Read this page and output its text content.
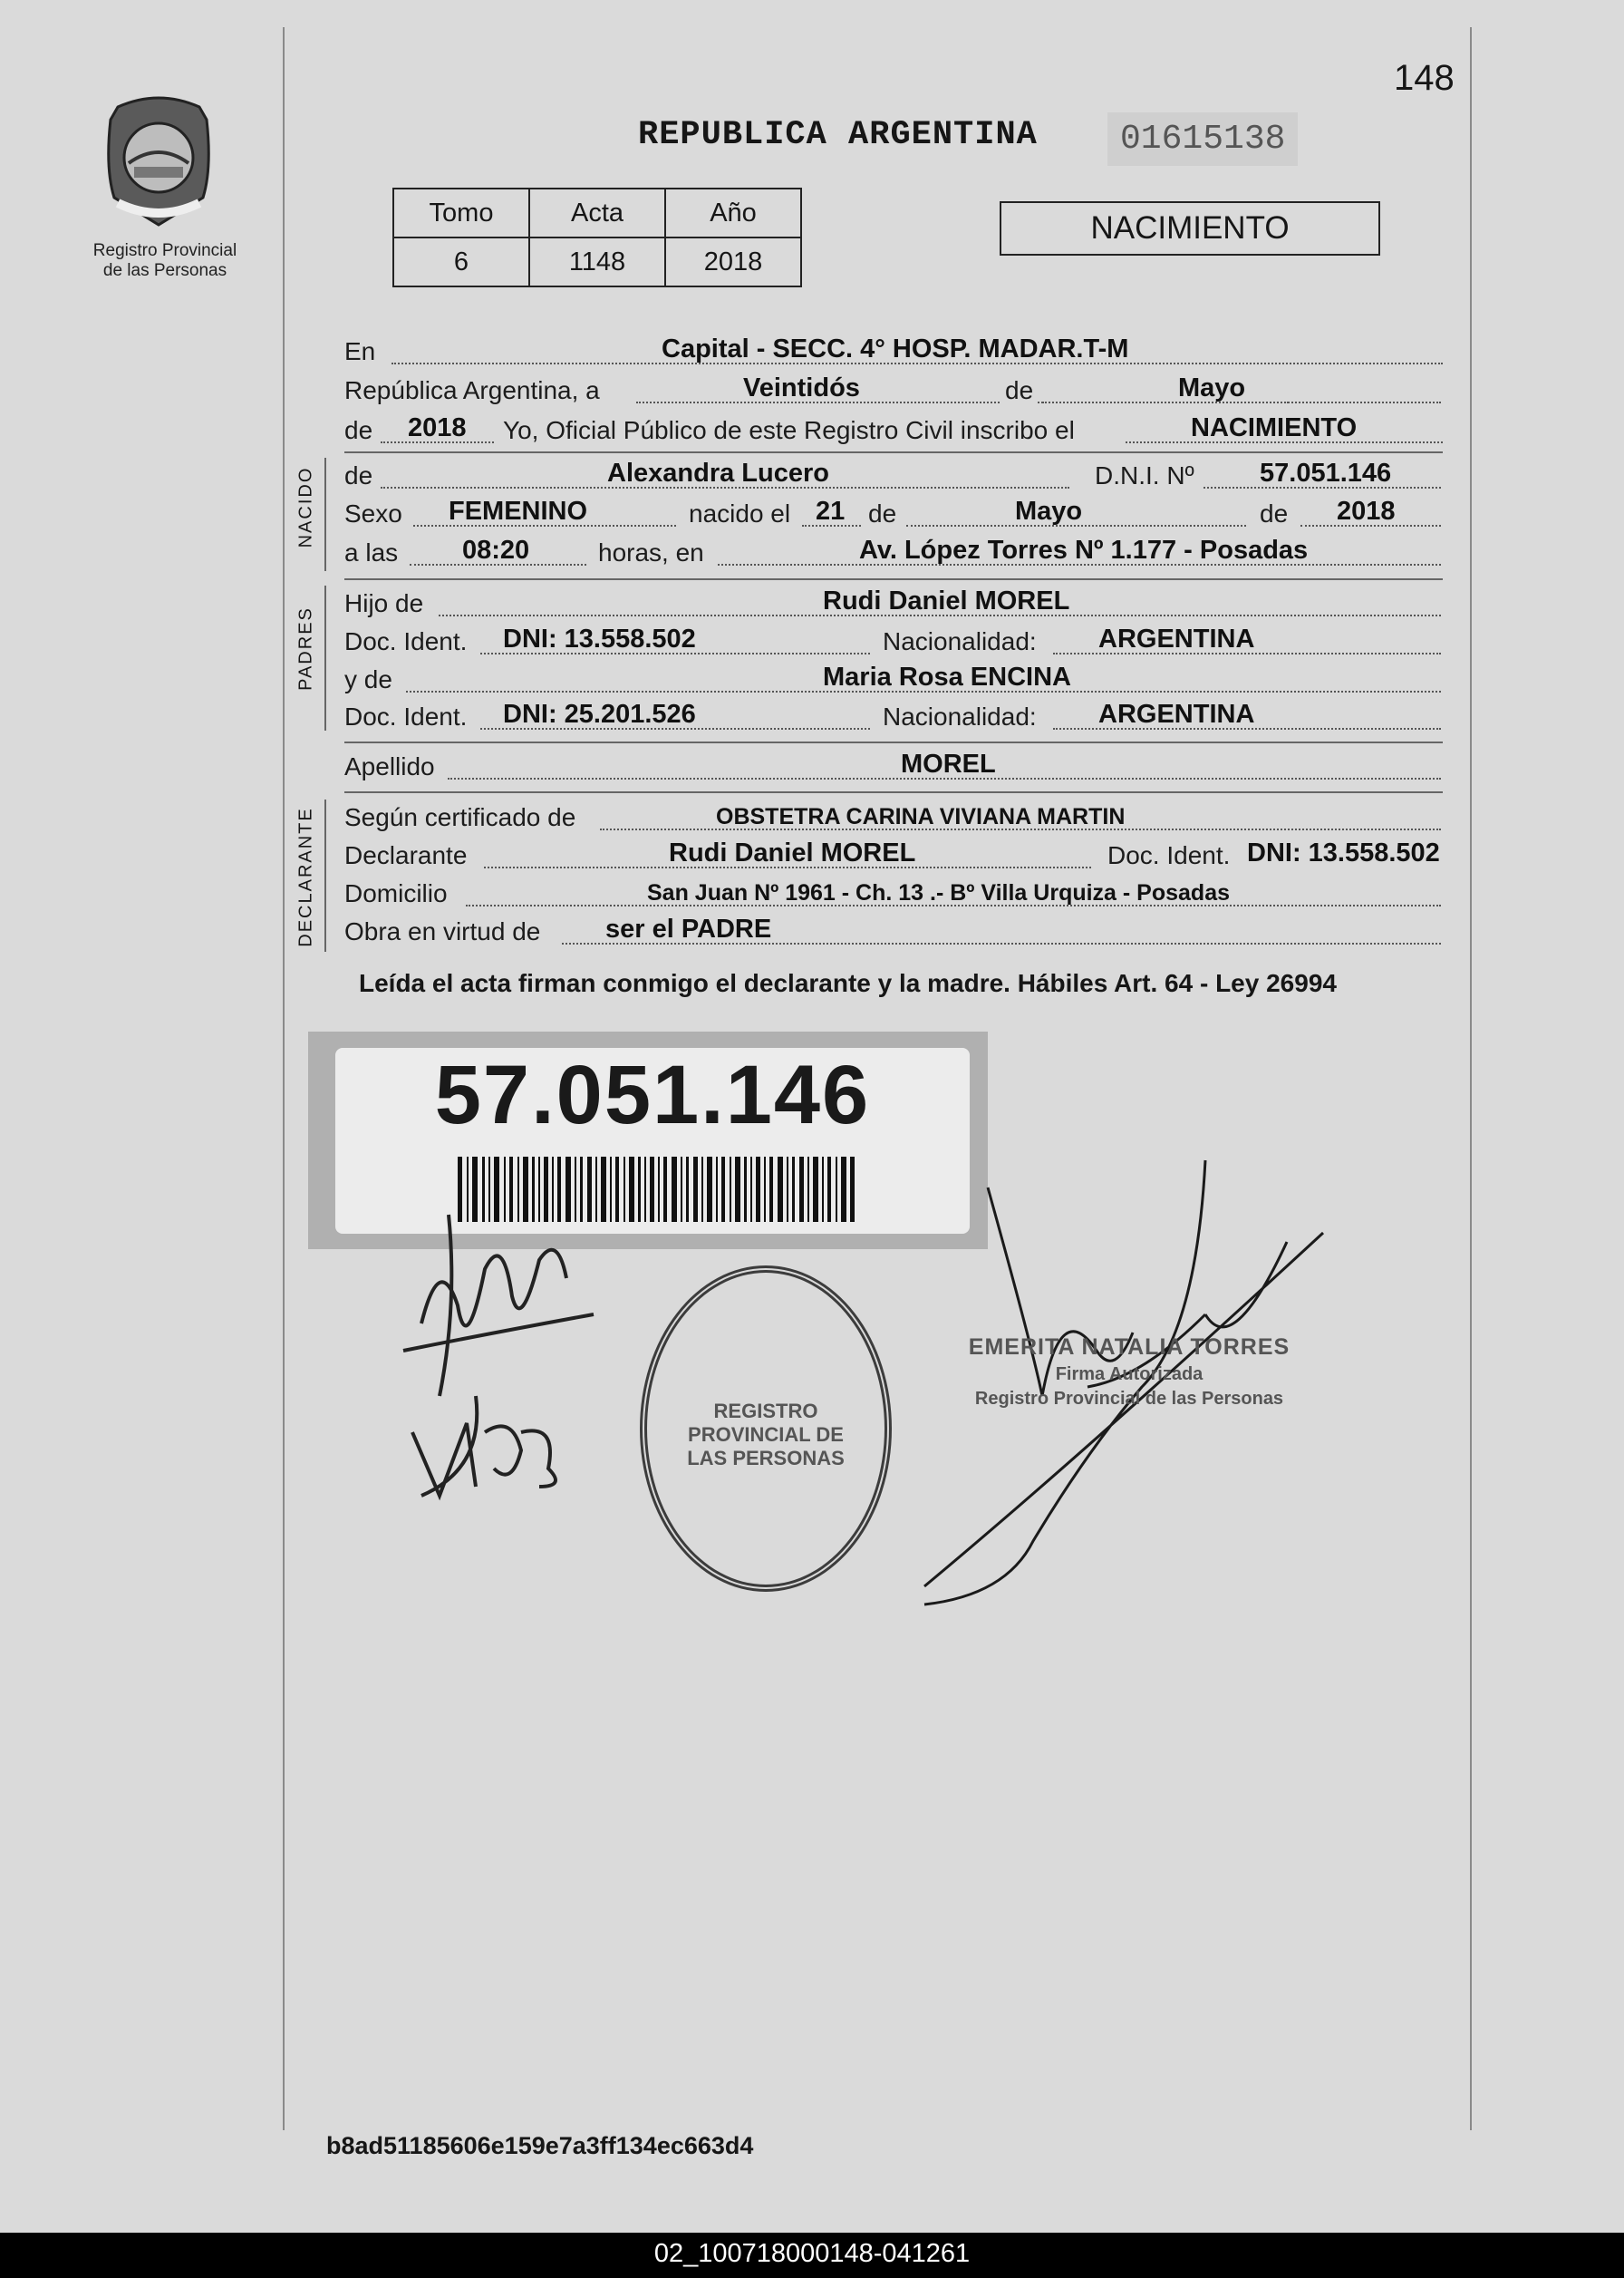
148
Registro Provincial
de las Personas
REPUBLICA ARGENTINA	01615138
Tomo	Acta	Año
6	1148	2018
NACIMIENTO
NACIDO
PADRES
DECLARANTE
En	Capital - SECC. 4° HOSP. MADAR.T-M
República Argentina, a	Veintidós	de	Mayo
de 2018 Yo, Oficial Público de este Registro Civil inscribo el	NACIMIENTO
de	Alexandra Lucero	D.N.I. Nº 57.051.146
Sexo FEMENINO	nacido el 21 de	Mayo	de 2018
a las 08:20	horas, en	Av. López Torres Nº 1.177 - Posadas
Hijo de	Rudi Daniel MOREL
Doc. Ident. DNI: 13.558.502	Nacionalidad: ARGENTINA
y de	Maria Rosa ENCINA
Doc. Ident. DNI: 25.201.526	Nacionalidad: ARGENTINA
Apellido	MOREL
Según certificado de	OBSTETRA CARINA VIVIANA MARTIN
Declarante	Rudi Daniel MOREL	Doc. Ident. DNI: 13.558.502
Domicilio	San Juan Nº 1961 - Ch. 13 .- Bº Villa Urquiza - Posadas
Obra en virtud de ser el PADRE
Leída el acta firman conmigo el declarante y la madre. Hábiles Art. 64 - Ley 26994
57.051.146
REGISTRO PROVINCIAL DE LAS PERSONAS
EMERITA NATALIA TORRES
Firma Autorizada
Registro Provincial de las Personas
b8ad51185606e159e7a3ff134ec663d4
02_100718000148-041261
